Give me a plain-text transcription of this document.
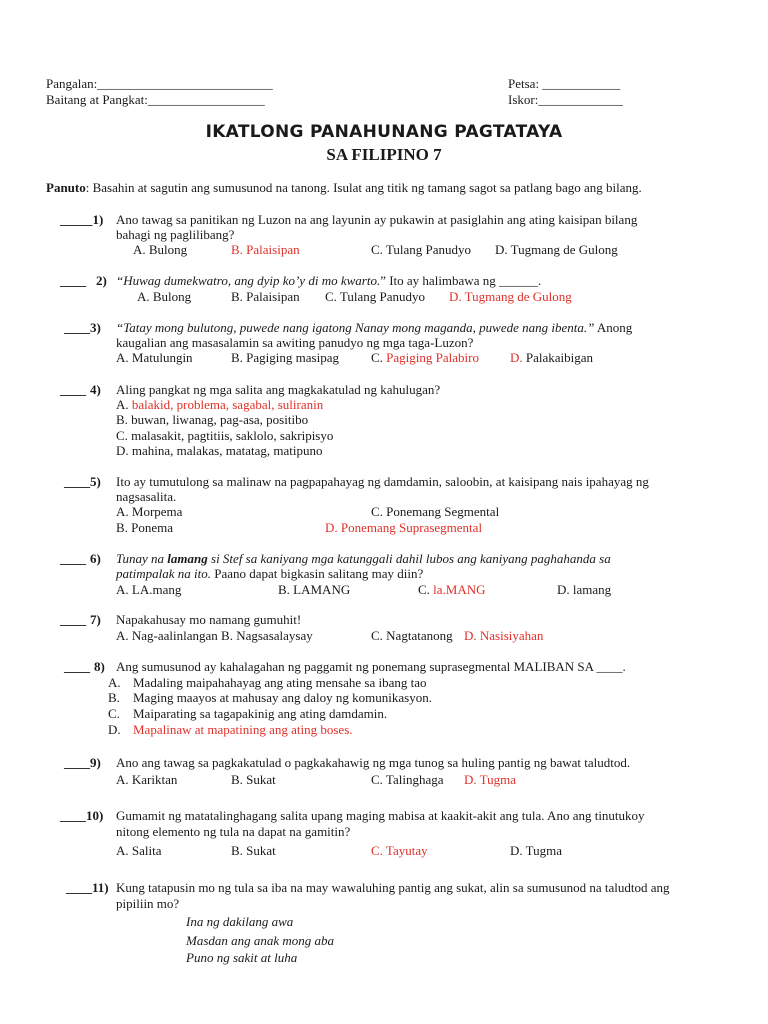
Pangalan:___________________________
Baitang at Pangkat:__________________
Petsa: ____________
Iskor:_____________
IKATLONG PANAHUNANG PAGTATAYA
SA FILIPINO 7
Panuto: Basahin at sagutin ang sumusunod na tanong. Isulat ang titik ng tamang sagot sa patlang bago ang bilang.
_____1) Ano tawag sa panitikan ng Luzon na ang layunin ay pukawin at pasiglahin ang ating kaisipan bilang
bahagi ng paglilibang?
A. Bulong	B. Palaisipan	C. Tulang Panudyo D. Tugmang de Gulong
____ 2) “Huwag dumekwatro, ang dyip ko’y di mo kwarto.” Ito ay halimbawa ng ______.
A. Bulong	B. Palaisipan C. Tulang Panudyo D. Tugmang de Gulong
____3) “Tatay mong bulutong, puwede nang igatong Nanay mong maganda, puwede nang ibenta.” Anong
kaugalian ang masasalamin sa awiting panudyo ng mga taga-Luzon?
A. Matulungin	B. Pagiging masipag C. Pagiging Palabiro D. Palakaibigan
____ 4) Aling pangkat ng mga salita ang magkakatulad ng kahulugan?
A. balakid, problema, sagabal, suliranin
B. buwan, liwanag, pag-asa, positibo
C. malasakit, pagtitiis, saklolo, sakripisyo
D. mahina, malakas, matatag, matipuno
____5) Ito ay tumutulong sa malinaw na pagpapahayag ng damdamin, saloobin, at kaisipang nais ipahayag ng
nagsasalita.
A. Morpema	C. Ponemang Segmental
B. Ponema	D. Ponemang Suprasegmental
____ 6) Tunay na lamang si Stef sa kaniyang mga katunggali dahil lubos ang kaniyang paghahanda sa
patimpalak na ito. Paano dapat bigkasin salitang may diin?
A. LA.mang	B. LAMANG	C. la.MANG	D. lamang
____ 7) Napakahusay mo namang gumuhit!
A. Nag-aalinlangan B. Nagsasalaysay	C. Nagtatanong D. Nasisiyahan
____ 8) Ang sumusunod ay kahalagahan ng paggamit ng ponemang suprasegmental MALIBAN SA ____.
A. Madaling maipahahayag ang ating mensahe sa ibang tao
B. Maging maayos at mahusay ang daloy ng komunikasyon.
C. Maiparating sa tagapakinig ang ating damdamin.
D. Mapalinaw at mapatining ang ating boses.
____9) Ano ang tawag sa pagkakatulad o pagkakahawig ng mga tunog sa huling pantig ng bawat taludtod.
A. Kariktan	B. Sukat	C. Talinghaga D. Tugma
____10) Gumamit ng matatalinghagang salita upang maging mabisa at kaakit-akit ang tula. Ano ang tinutukoy
nitong elemento ng tula na dapat na gamitin?
A. Salita	B. Sukat	C. Tayutay	D. Tugma
____11) Kung tatapusin mo ng tula sa iba na may wawaluhing pantig ang sukat, alin sa sumusunod na taludtod ang
pipiliin mo?
Ina ng dakilang awa
Masdan ang anak mong aba
Puno ng sakit at luha
